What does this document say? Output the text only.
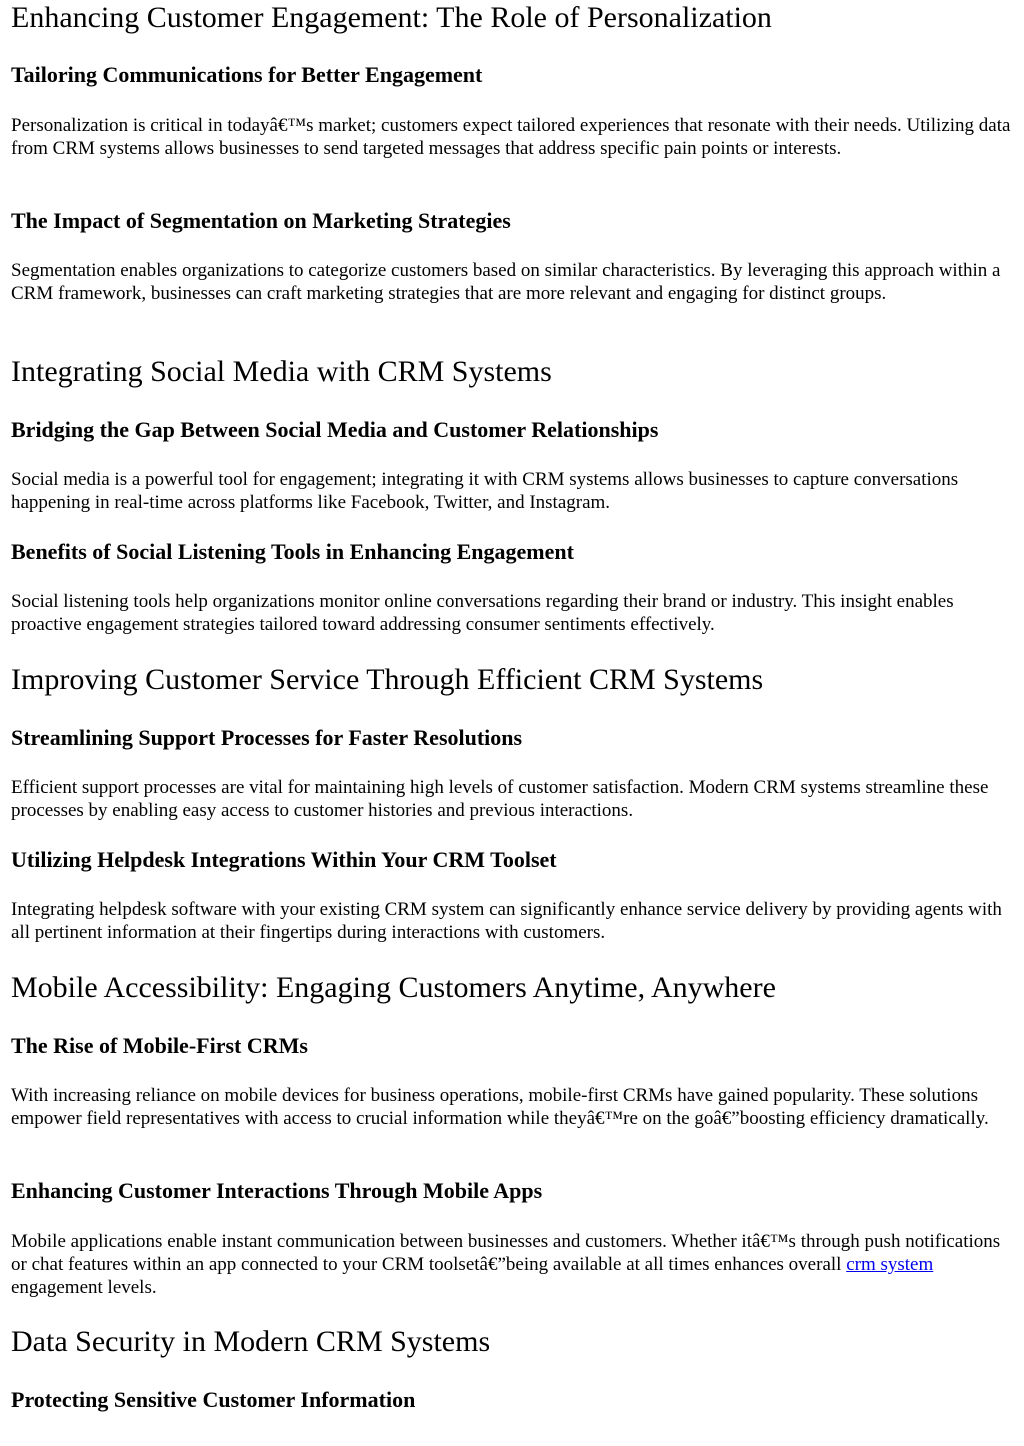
Enhancing Customer Engagement: The Role of Personalization
Tailoring Communications for Better Engagement

Personalization is critical in todayâ€™s market; customers expect tailored experiences that resonate with their needs. Utilizing data from CRM systems allows businesses to send targeted messages that address specific pain points or interests.

The Impact of Segmentation on Marketing Strategies

Segmentation enables organizations to categorize customers based on similar characteristics. By leveraging this approach within a CRM framework, businesses can craft marketing strategies that are more relevant and engaging for distinct groups.

Integrating Social Media with CRM Systems
Bridging the Gap Between Social Media and Customer Relationships

Social media is a powerful tool for engagement; integrating it with CRM systems allows businesses to capture conversations happening in real-time across platforms like Facebook, Twitter, and Instagram.

Benefits of Social Listening Tools in Enhancing Engagement

Social listening tools help organizations monitor online conversations regarding their brand or industry. This insight enables proactive engagement strategies tailored toward addressing consumer sentiments effectively.

Improving Customer Service Through Efficient CRM Systems
Streamlining Support Processes for Faster Resolutions

Efficient support processes are vital for maintaining high levels of customer satisfaction. Modern CRM systems streamline these processes by enabling easy access to customer histories and previous interactions.

Utilizing Helpdesk Integrations Within Your CRM Toolset

Integrating helpdesk software with your existing CRM system can significantly enhance service delivery by providing agents with all pertinent information at their fingertips during interactions with customers.

Mobile Accessibility: Engaging Customers Anytime, Anywhere
The Rise of Mobile-First CRMs

With increasing reliance on mobile devices for business operations, mobile-first CRMs have gained popularity. These solutions empower field representatives with access to crucial information while theyâ€™re on the goâ€”boosting efficiency dramatically.

Enhancing Customer Interactions Through Mobile Apps

Mobile applications enable instant communication between businesses and customers. Whether itâ€™s through push notifications or chat features within an app connected to your CRM toolsetâ€”being available at all times enhances overall crm system engagement levels.

Data Security in Modern CRM Systems
Protecting Sensitive Customer Information
